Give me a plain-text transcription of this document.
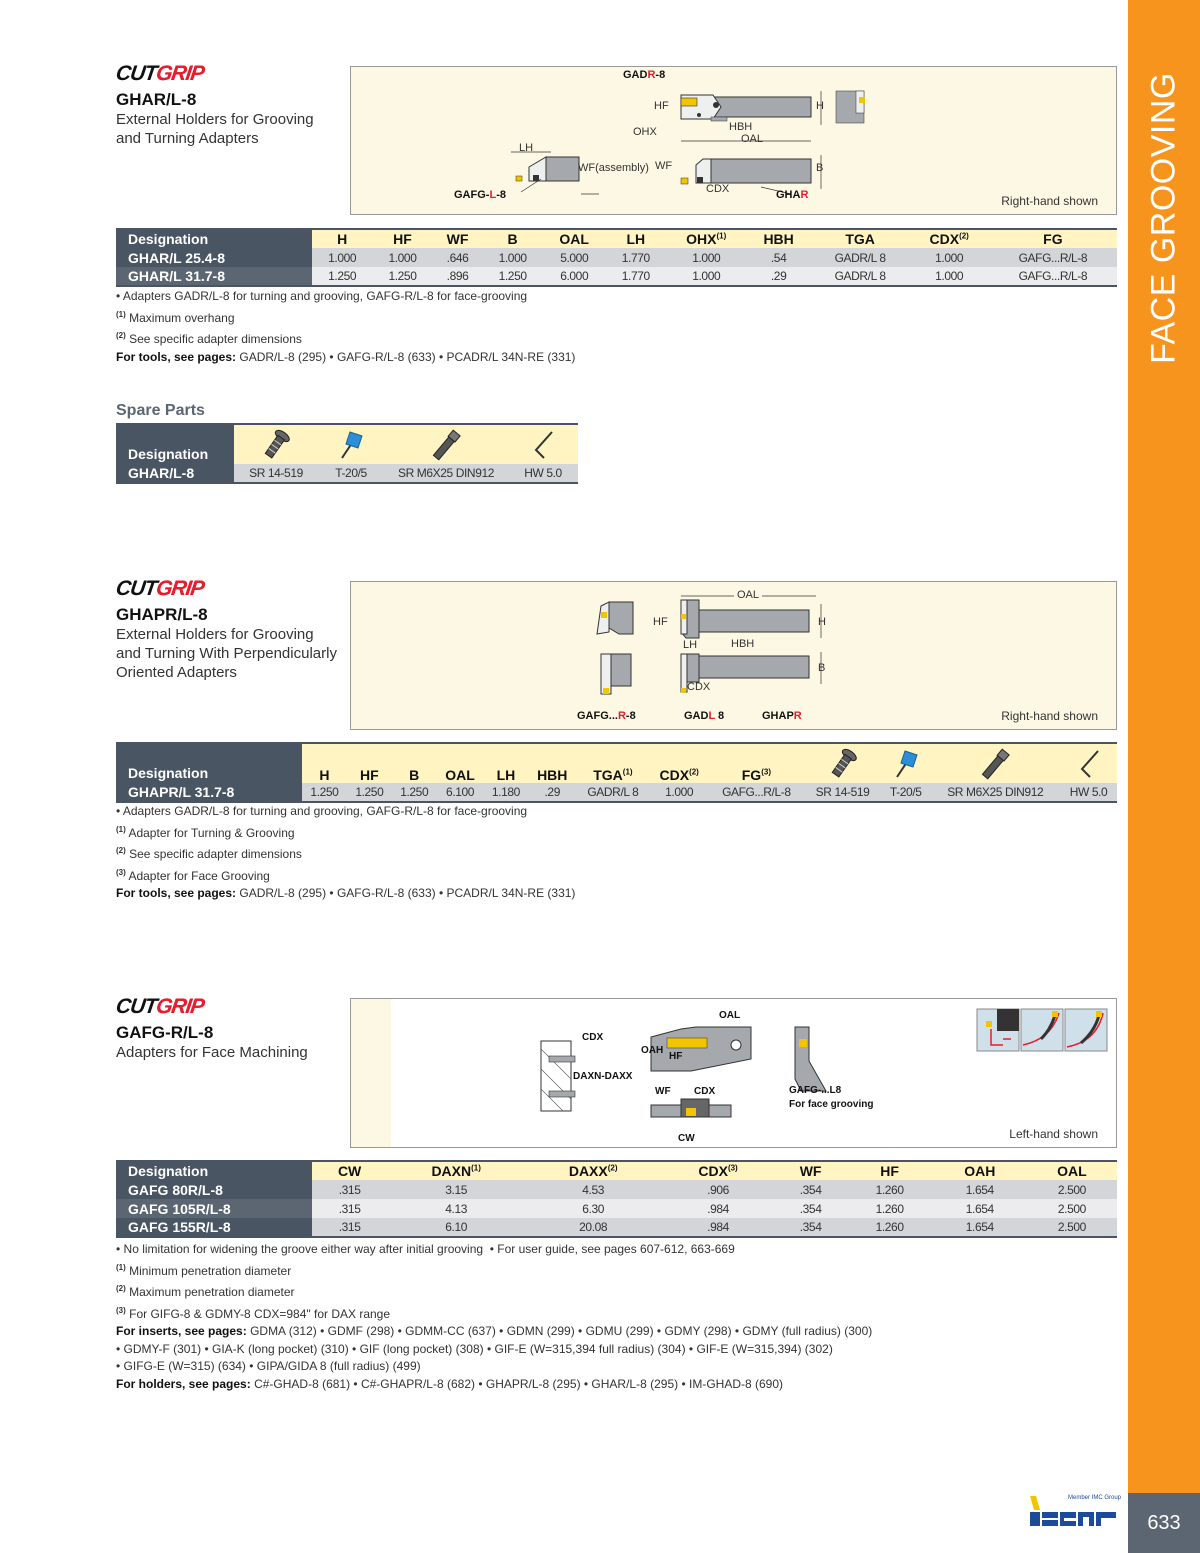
FACE GROOVING
633
Member IMC Group
CUTGRIP
GHAR/L-8
External Holders for Grooving
and Turning Adapters
GADR-8
HF	H
OHX	HBH
OAL
LH
WF(assembly) WF	B
CDX
GAFG-L-8	GHAR	Right-hand shown
Designation	H	HF	WF	B	OAL	LH	OHX$^{(1)}$	HBH	TGA	CDX$^{(2)}$	FG
GHAR/L 25.4-8	1.000	1.000	.646	1.000	5.000	1.770	1.000	.54	GADR/L 8	1.000	GAFG...R/L-8
GHAR/L 31.7-8	1.250	1.250	.896	1.250	6.000	1.770	1.000	.29	GADR/L 8	1.000	GAFG...R/L-8
• Adapters GADR/L-8 for turning and grooving, GAFG-R/L-8 for face-grooving
$^{(1)}$ Maximum overhang
$^{(2)}$ See specific adapter dimensions
For tools, see pages: GADR/L-8 (295) • GAFG-R/L-8 (633) • PCADR/L 34N-RE (331)
Spare Parts
Designation	

GHAR/L-8	SR 14-519	T-20/5	SR M6X25 DIN912	HW 5.0
CUTGRIP
GHAPR/L-8
External Holders for Grooving
and Turning With Perpendicularly
Oriented Adapters
OAL
HF	H
LH	HBH
B
CDX
GAFG...R-8	GADL 8	GHAPR	Right-hand shown
Designation	H	HF	B	OAL	LH	HBH	TGA$^{(1)}$	CDX$^{(2)}$	FG$^{(3)}$	

GHAPR/L 31.7-8	1.250	1.250	1.250	6.100	1.180	.29	GADR/L 8	1.000	GAFG...R/L-8	SR 14-519	T-20/5	SR M6X25 DIN912	HW 5.0
• Adapters GADR/L-8 for turning and grooving, GAFG-R/L-8 for face-grooving
$^{(1)}$ Adapter for Turning & Grooving
$^{(2)}$ See specific adapter dimensions
$^{(3)}$ Adapter for Face Grooving
For tools, see pages: GADR/L-8 (295) • GAFG-R/L-8 (633) • PCADR/L 34N-RE (331)
CUTGRIP
GAFG-R/L-8
Adapters for Face Machining
CDX
OAL
OAH
HF
DAXN-DAXX
WF CDX
CW
GAFG-...L8
For face grooving
Left-hand shown
Designation	CW	DAXN$^{(1)}$	DAXX$^{(2)}$	CDX$^{(3)}$	WF	HF	OAH	OAL
GAFG 80R/L-8	.315	3.15	4.53	.906	.354	1.260	1.654	2.500
GAFG 105R/L-8	.315	4.13	6.30	.984	.354	1.260	1.654	2.500
GAFG 155R/L-8	.315	6.10	20.08	.984	.354	1.260	1.654	2.500
• No limitation for widening the groove either way after initial grooving  • For user guide, see pages 607-612, 663-669
$^{(1)}$ Minimum penetration diameter
$^{(2)}$ Maximum penetration diameter
$^{(3)}$ For GIFG-8 & GDMY-8 CDX=984" for DAX range
For inserts, see pages: GDMA (312) • GDMF (298) • GDMM-CC (637) • GDMN (299) • GDMU (299) • GDMY (298) • GDMY (full radius) (300)
• GDMY-F (301) • GIA-K (long pocket) (310) • GIF (long pocket) (308) • GIF-E (W=315,394 full radius) (304) • GIF-E (W=315,394) (302)
• GIFG-E (W=315) (634) • GIPA/GIDA 8 (full radius) (499)
For holders, see pages: C#-GHAD-8 (681) • C#-GHAPR/L-8 (682) • GHAPR/L-8 (295) • GHAR/L-8 (295) • IM-GHAD-8 (690)
